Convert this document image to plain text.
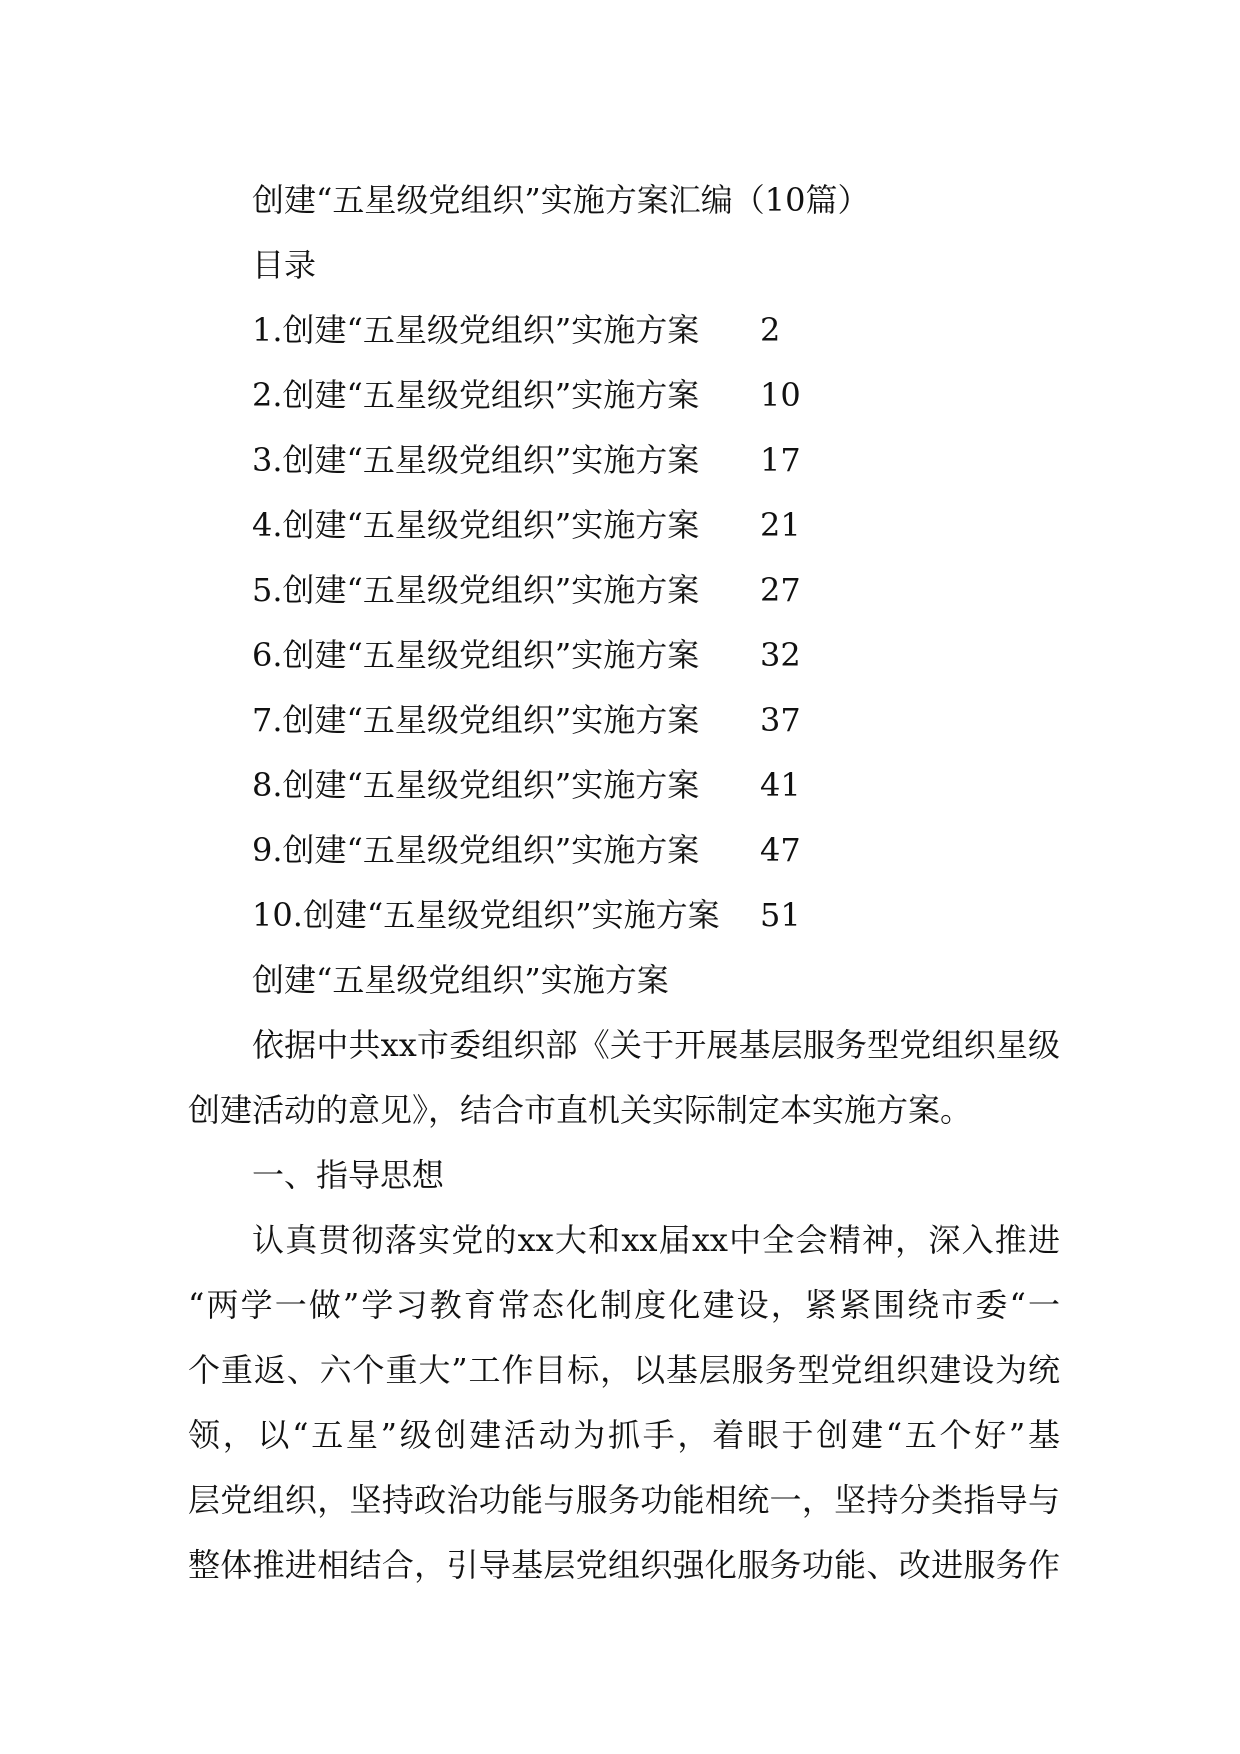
创建“五星级党组织”实施方案汇编（10篇）
目录
1.创建“五星级党组织”实施方案	2
2.创建“五星级党组织”实施方案	10
3.创建“五星级党组织”实施方案	17
4.创建“五星级党组织”实施方案	21
5.创建“五星级党组织”实施方案	27
6.创建“五星级党组织”实施方案	32
7.创建“五星级党组织”实施方案	37
8.创建“五星级党组织”实施方案	41
9.创建“五星级党组织”实施方案	47
10.创建“五星级党组织”实施方案	51
创建“五星级党组织”实施方案
依据中共xx市委组织部《关于开展基层服务型党组织星级
创建活动的意见》，结合市直机关实际制定本实施方案。
一、指导思想
认真贯彻落实党的xx大和xx届xx中全会精神，深入推进
“两学一做”学习教育常态化制度化建设，紧紧围绕市委“一
个重返、六个重大”工作目标，以基层服务型党组织建设为统
领，以“五星”级创建活动为抓手，着眼于创建“五个好”基
层党组织，坚持政治功能与服务功能相统一，坚持分类指导与
整体推进相结合，引导基层党组织强化服务功能、改进服务作
